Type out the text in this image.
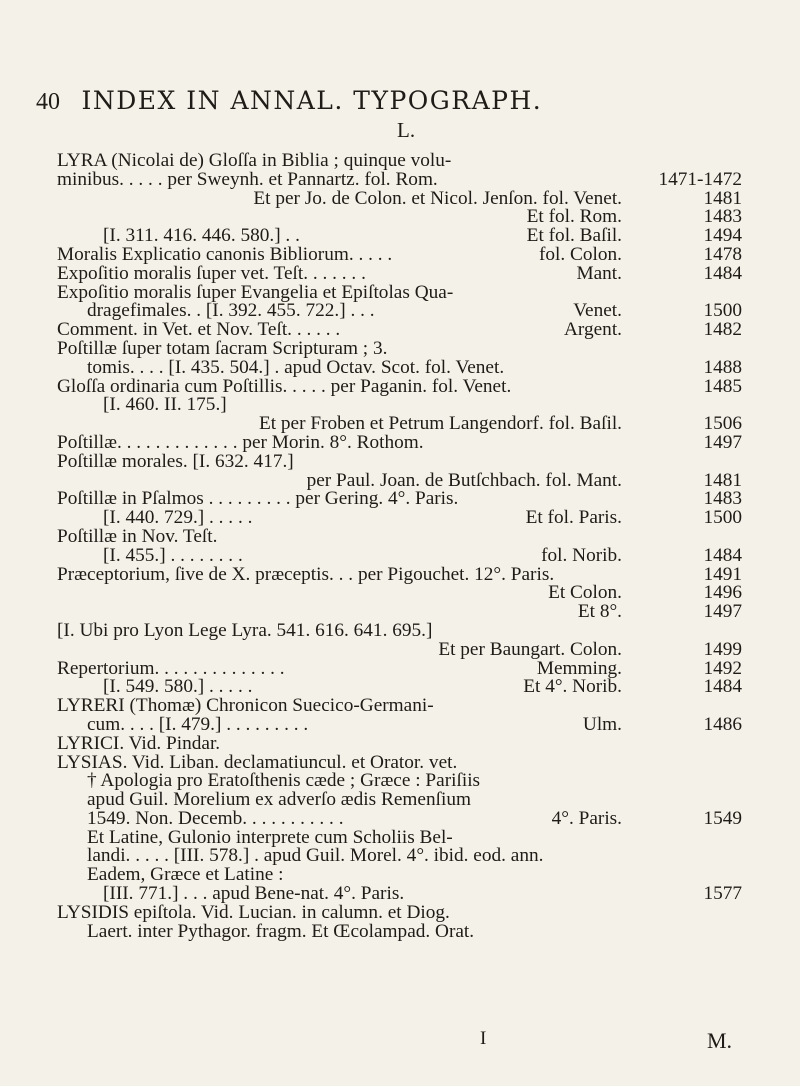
40 INDEX IN ANNAL. TYPOGRAPH.
L.
LYRA (Nicolai de) Gloſſa in Biblia ; quinque volu-
minibus. . . . . per Sweynh. et Pannartz. fol. Rom.	1471-1472
Et per Jo. de Colon. et Nicol. Jenſon. fol. Venet.	1481
Et fol. Rom.	1483
[I. 311. 416. 446. 580.] . .	Et fol. Baſil.	1494
Moralis Explicatio canonis Bibliorum. . . . .	fol. Colon.	1478
Expoſitio moralis ſuper vet. Teſt. . . . . . .	Mant.	1484
Expoſitio moralis ſuper Evangelia et Epiſtolas Qua-
dragefimales. . [I. 392. 455. 722.] . . .	Venet.	1500
Comment. in Vet. et Nov. Teſt. . . . . .	Argent.	1482
Poſtillæ ſuper totam ſacram Scripturam ; 3.
tomis. . . . [I. 435. 504.] . apud Octav. Scot. fol. Venet.	1488
Gloſſa ordinaria cum Poſtillis. . . . . per Paganin. fol. Venet.	1485
[I. 460. II. 175.]
Et per Froben et Petrum Langendorf. fol. Baſil.	1506
Poſtillæ. . . . . . . . . . . . . per Morin. 8°. Rothom.	1497
Poſtillæ morales. [I. 632. 417.]
per Paul. Joan. de Butſchbach. fol. Mant.	1481
Poſtillæ in Pſalmos . . . . . . . . . per Gering. 4°. Paris.	1483
[I. 440. 729.] . . . . .	Et fol. Paris.	1500
Poſtillæ in Nov. Teſt.
[I. 455.] . . . . . . . .	fol. Norib.	1484
Præceptorium, ſive de X. præceptis. . . per Pigouchet. 12°. Paris.	1491
Et Colon.	1496
Et 8°.	1497
[I. Ubi pro Lyon Lege Lyra. 541. 616. 641. 695.]
Et per Baungart. Colon.	1499
Repertorium. . . . . . . . . . . . . .	Memming.	1492
[I. 549. 580.] . . . . .	Et 4°. Norib.	1484
LYRERI (Thomæ) Chronicon Suecico-Germani-
cum. . . . [I. 479.] . . . . . . . . .	Ulm.	1486
LYRICI. Vid. Pindar.
LYSIAS. Vid. Liban. declamatiuncul. et Orator. vet.
† Apologia pro Eratoſthenis cæde ; Græce : Pariſiis
apud Guil. Morelium ex adverſo ædis Remenſium
1549. Non. Decemb. . . . . . . . . . .	4°. Paris.	1549
Et Latine, Gulonio interprete cum Scholiis Bel-
landi. . . . . [III. 578.] . apud Guil. Morel. 4°. ibid. eod. ann.
Eadem, Græce et Latine :
[III. 771.] . . . apud Bene-nat. 4°. Paris.	1577
LYSIDIS epiſtola. Vid. Lucian. in calumn. et Diog.
Laert. inter Pythagor. fragm. Et Œcolampad. Orat.
I	M.
